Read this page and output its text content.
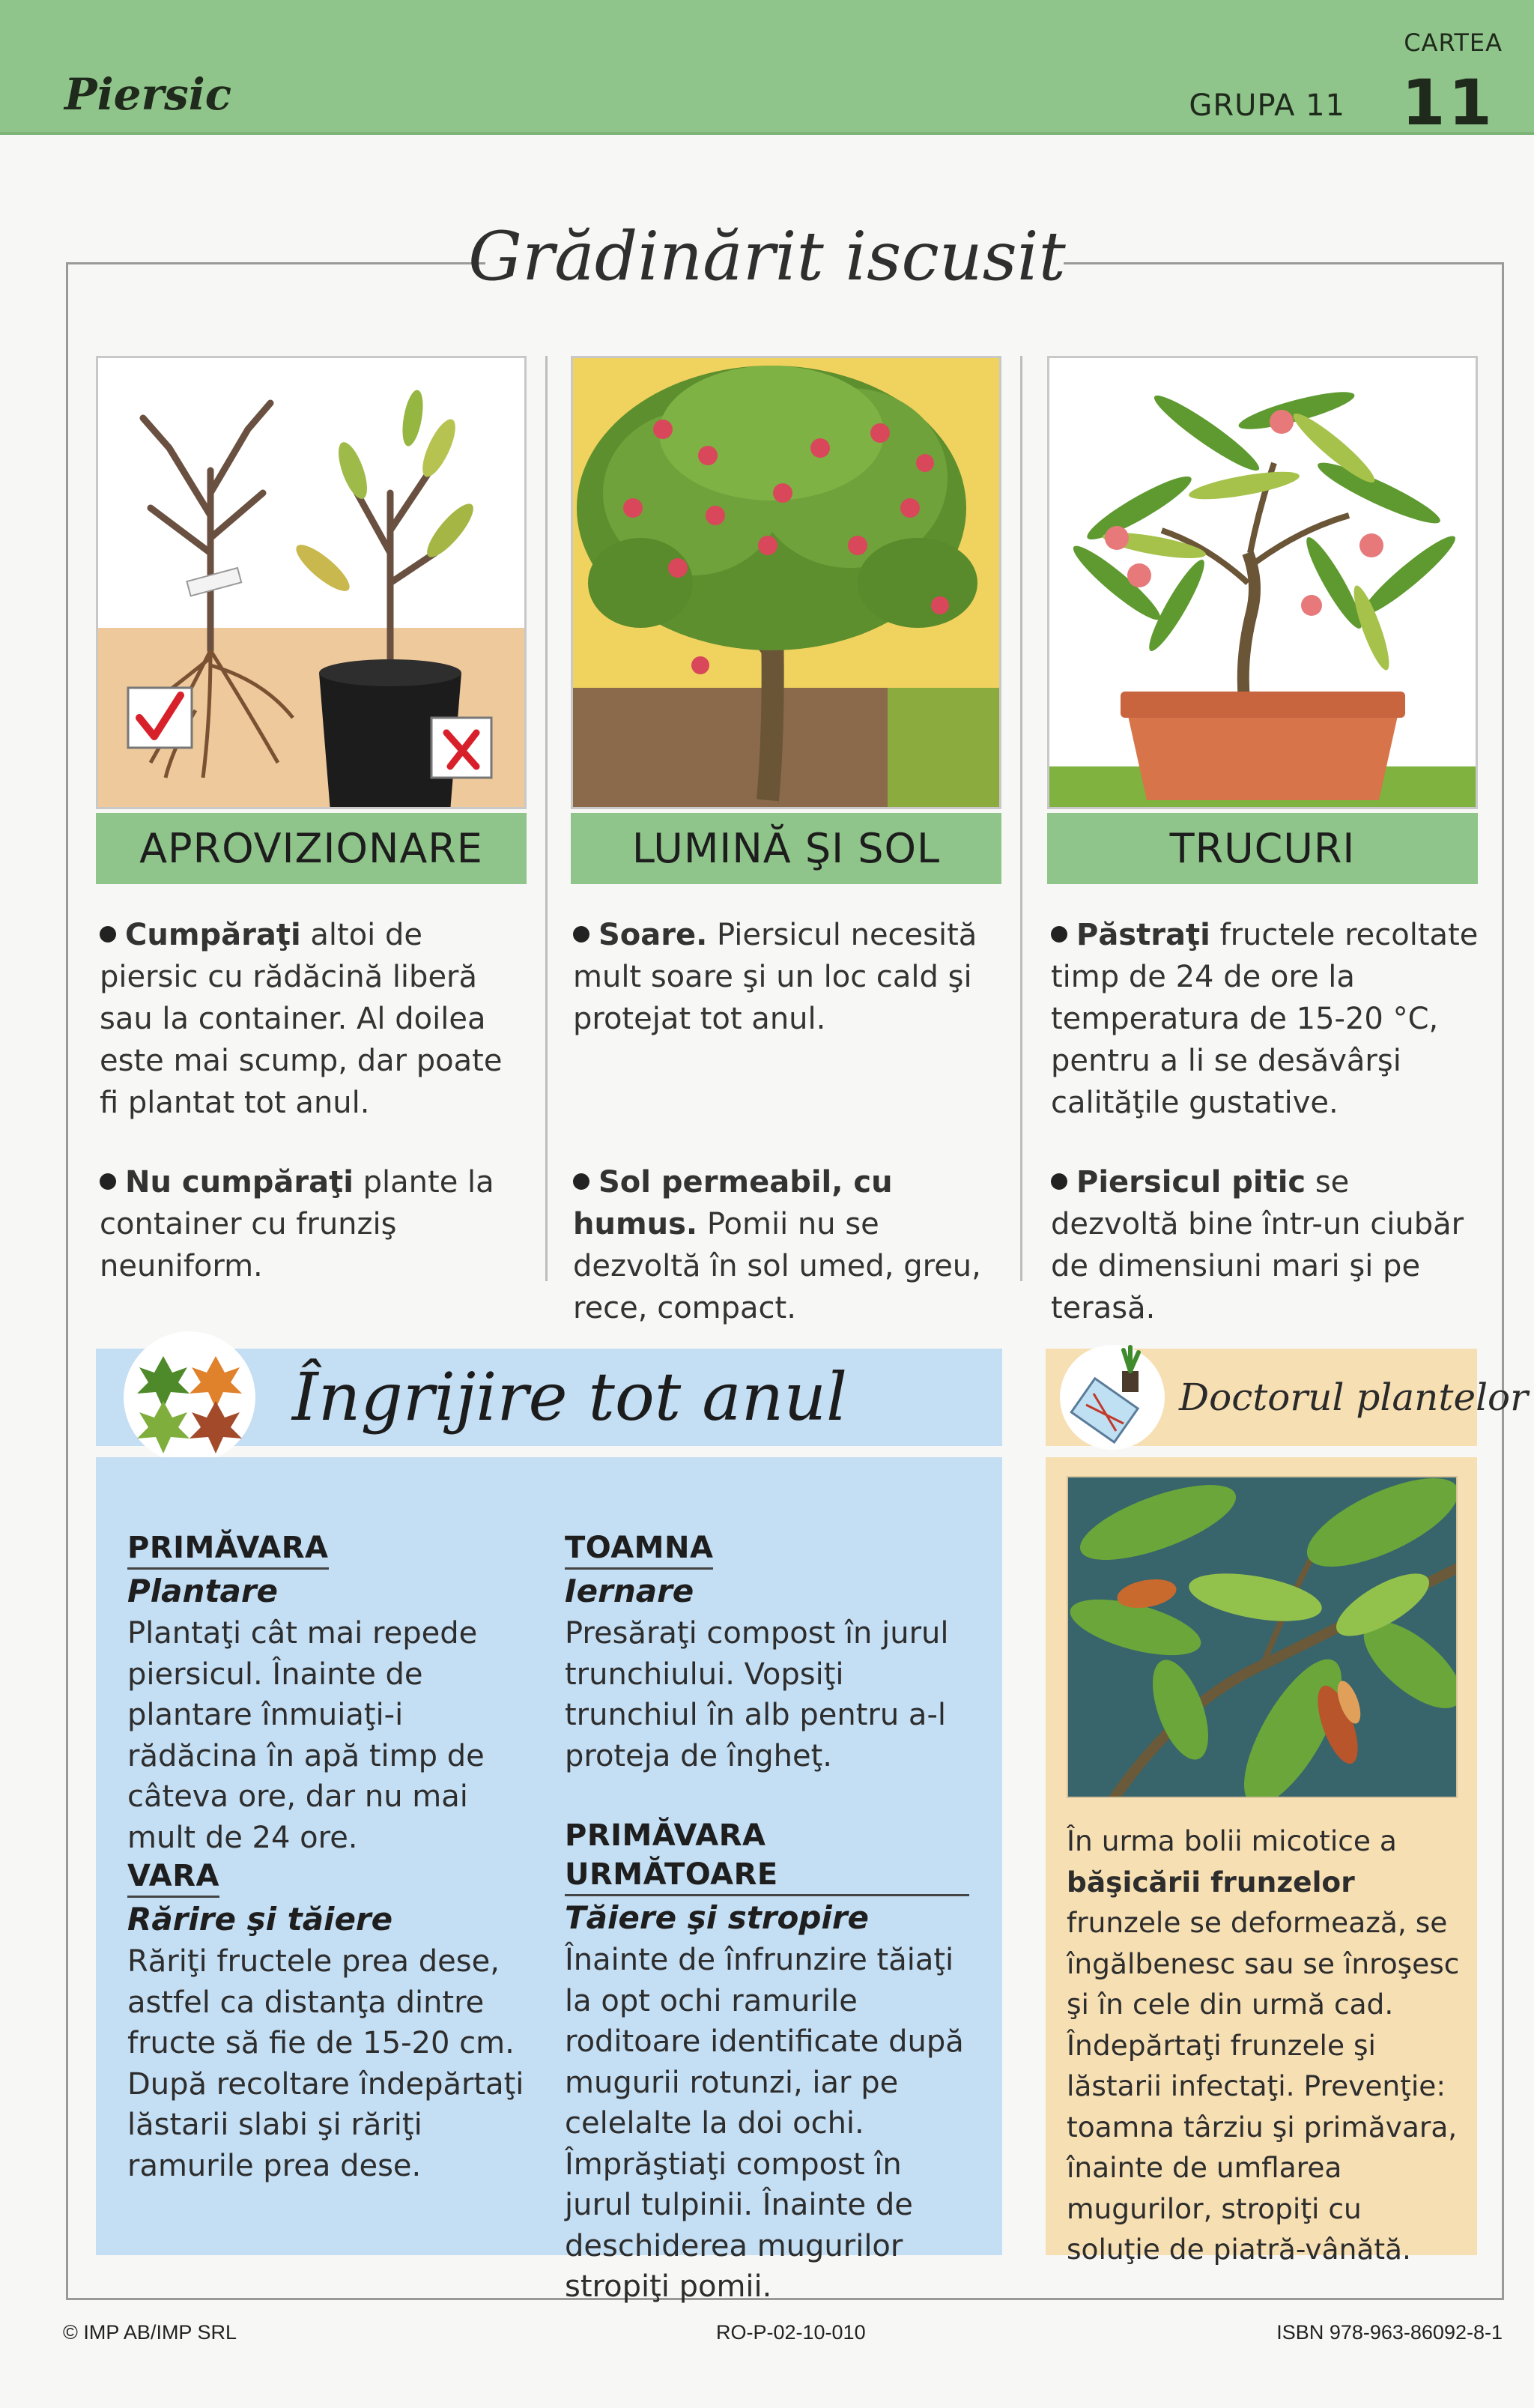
Piersic
CARTEA
GRUPA 11 11
Grădinărit iscusit
APROVIZIONARE	LUMINĂ ŞI SOL	TRUCURI
Cumpăraţi altoi de piersic cu rădăcină liberă sau la container. Al doilea este mai scump, dar poate fi plantat tot anul.
Nu cumpăraţi plante la container cu frunziş neuniform.
Soare. Piersicul necesită mult soare şi un loc cald şi protejat tot anul.
Sol permeabil, cu humus. Pomii nu se dezvoltă în sol umed, greu, rece, compact.
Păstraţi fructele recoltate timp de 24 de ore la temperatura de 15-20 °C, pentru a li se desăvârşi calităţile gustative.
Piersicul pitic se dezvoltă bine într-un ciubăr de dimensiuni mari şi pe terasă.
Îngrijire tot anul
PRIMĂVARA
Plantare
Plantaţi cât mai repede piersicul. Înainte de plantare înmuiaţi-i rădăcina în apă timp de câteva ore, dar nu mai mult de 24 ore.
VARA
Rărire şi tăiere
Răriţi fructele prea dese, astfel ca distanţa dintre fructe să fie de 15-20 cm. După recoltare îndepărtaţi lăstarii slabi şi răriţi ramurile prea dese.
TOAMNA
Iernare
Presăraţi compost în jurul trunchiului. Vopsiţi trunchiul în alb pentru a-l proteja de îngheţ.
PRIMĂVARA URMĂTOARE
Tăiere şi stropire
Înainte de înfrunzire tăiaţi la opt ochi ramurile roditoare identificate după mugurii rotunzi, iar pe celelalte la doi ochi. Împrăştiaţi compost în jurul tulpinii. Înainte de deschiderea mugurilor stropiţi pomii.
Doctorul plantelor
În urma bolii micotice a băşicării frunzelor frunzele se deformează, se îngălbenesc sau se înroşesc şi în cele din urmă cad. Îndepărtaţi frunzele şi lăstarii infectaţi. Prevenţie: toamna târziu şi primăvara, înainte de umflarea mugurilor, stropiţi cu soluţie de piatră-vânătă.
© IMP AB/IMP SRL	RO-P-02-10-010	ISBN 978-963-86092-8-1
